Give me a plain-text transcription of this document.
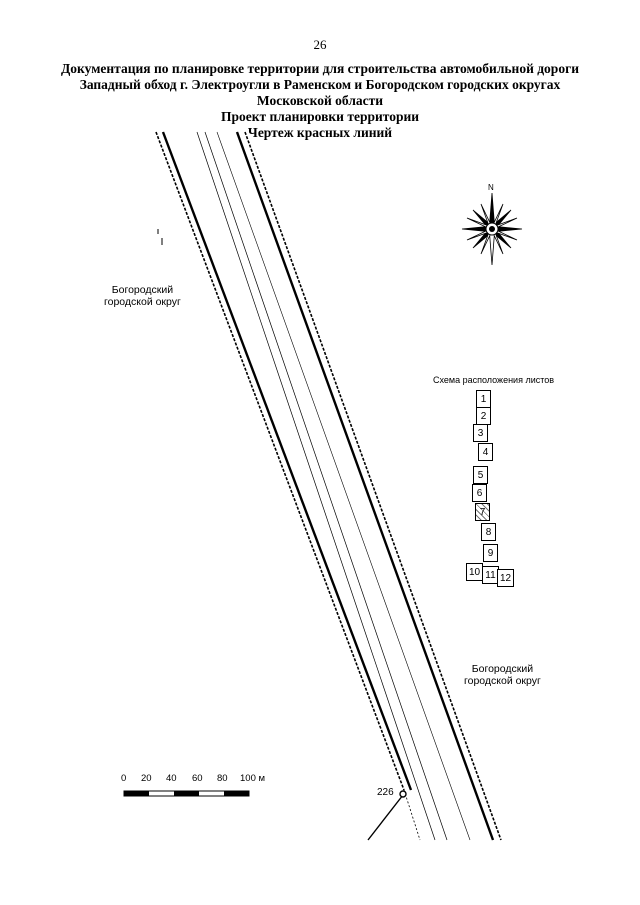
26
Документация по планировке территории для строительства автомобильной дороги
Западный обход г. Электроугли в Раменском и Богородском городских округах
Московской области
Проект планировки территории
Чертеж красных линий
N
Богородский
городской округ
Богородский
городской округ
Схема расположения листов
1
2
3
4
5
6
7
8
9
10 11 12
0 20 40 60 80 100 м
226
